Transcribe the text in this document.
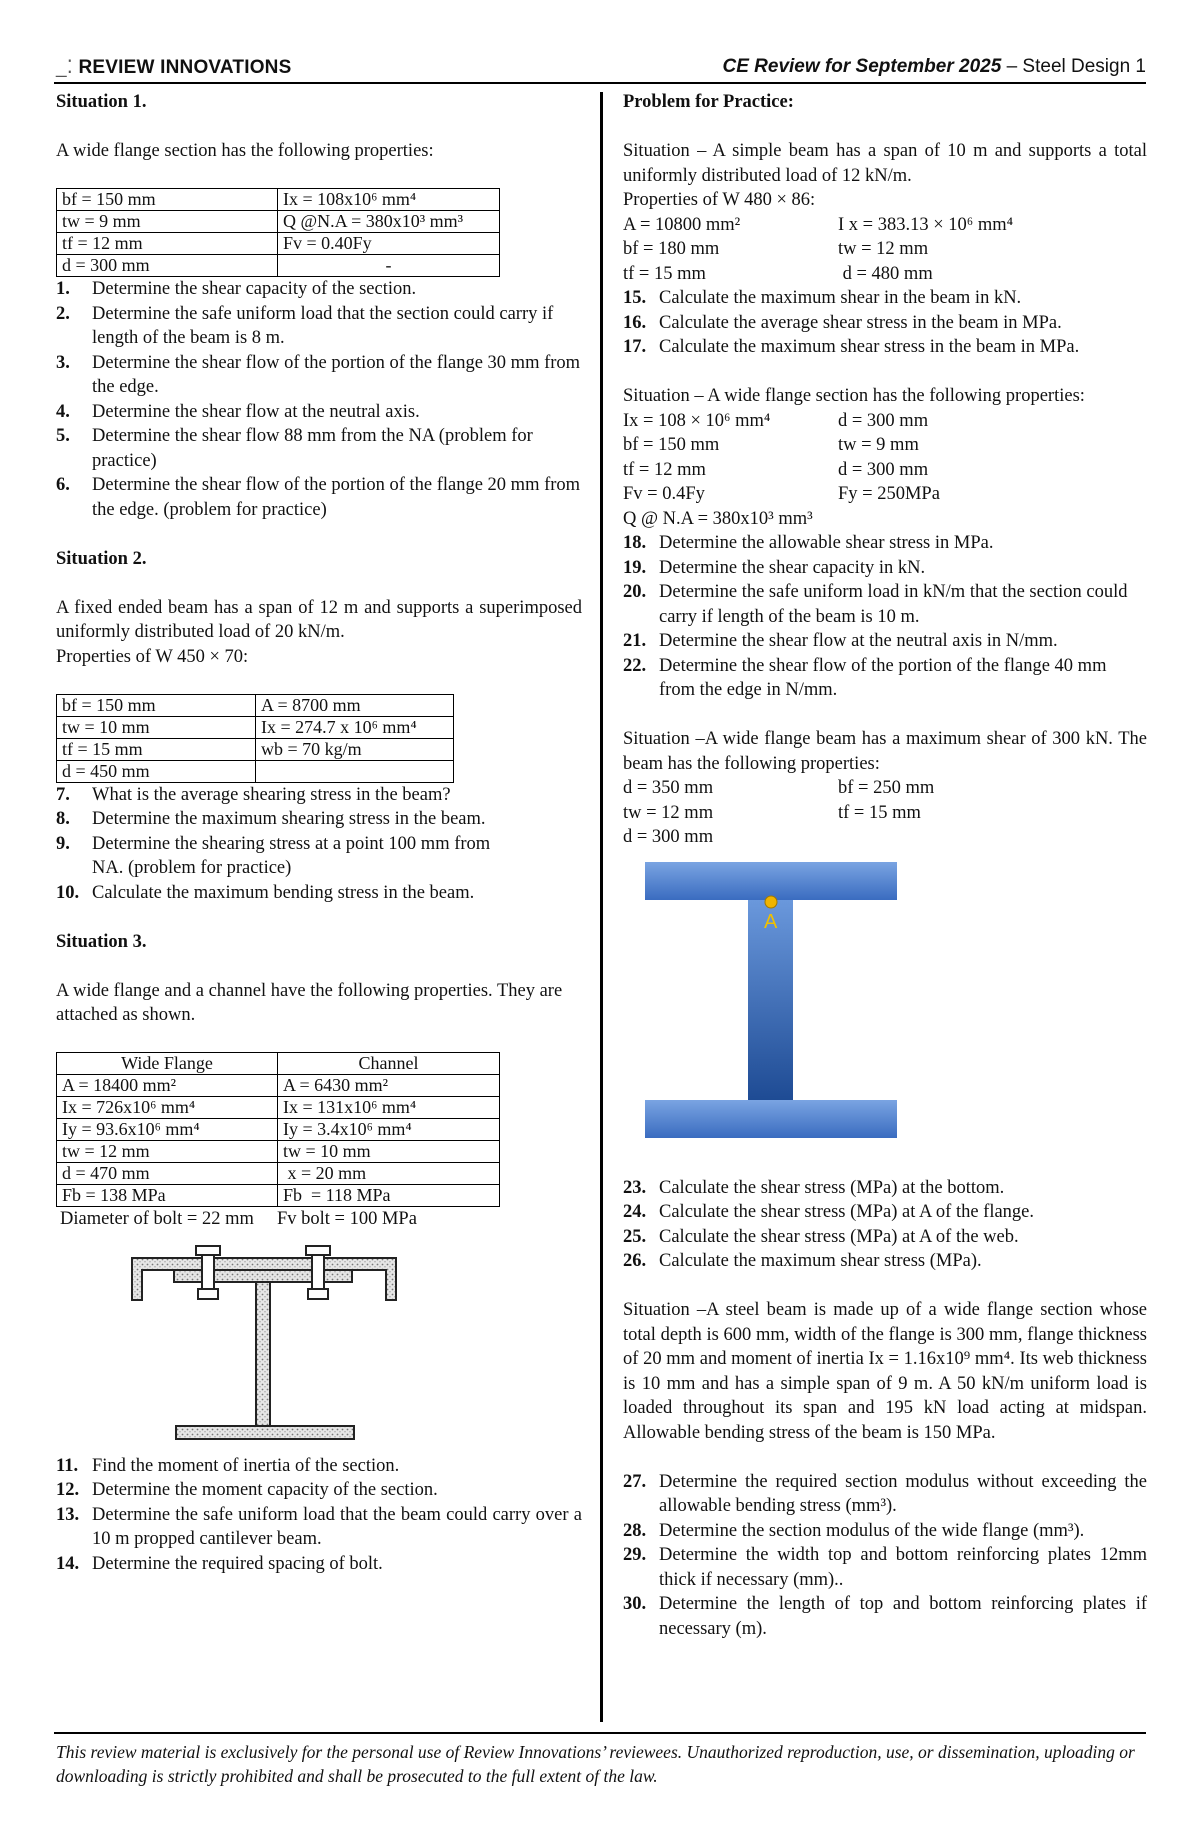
_⁚ REVIEW INNOVATIONS	CE Review for September 2025 – Steel Design 1

Situation 1.

A wide flange section has the following properties:

bf = 150 mm	Ix = 108x10⁶ mm⁴
tw = 9 mm	Q @N.A = 380x10³ mm³
tf = 12 mm	Fv = 0.40Fy
d = 300 mm	-
1. Determine the shear capacity of the section.
2. Determine the safe uniform load that the section could carry if length of the beam is 8 m.
3. Determine the shear flow of the portion of the flange 30 mm from the edge.
4. Determine the shear flow at the neutral axis.
5. Determine the shear flow 88 mm from the NA (problem for practice)
6. Determine the shear flow of the portion of the flange 20 mm from the edge. (problem for practice)

Situation 2.

A fixed ended beam has a span of 12 m and supports a superimposed uniformly distributed load of 20 kN/m.

Properties of W 450 × 70:

bf = 150 mm	A = 8700 mm
tw = 10 mm	Ix = 274.7 x 10⁶ mm⁴
tf = 15 mm	wb = 70 kg/m
d = 450 mm	
7. What is the average shearing stress in the beam?
8. Determine the maximum shearing stress in the beam.
9. Determine the shearing stress at a point 100 mm from NA. (problem for practice)
10. Calculate the maximum bending stress in the beam.

Situation 3.

A wide flange and a channel have the following properties. They are attached as shown.

Wide Flange	Channel
A = 18400 mm²	A = 6430 mm²
Ix = 726x10⁶ mm⁴	Ix = 131x10⁶ mm⁴
Iy = 93.6x10⁶ mm⁴	Iy = 3.4x10⁶ mm⁴
tw = 12 mm	tw = 10 mm
d = 470 mm	x = 20 mm
Fb = 138 MPa	Fb  = 118 MPa

Diameter of bolt = 22 mm Fv bolt = 100 MPa

11. Find the moment of inertia of the section.
12. Determine the moment capacity of the section.
13. Determine the safe uniform load that the beam could carry over a 10 m propped cantilever beam.
14. Determine the required spacing of bolt.

Problem for Practice:

Situation – A simple beam has a span of 10 m and supports a total uniformly distributed load of 12 kN/m.

Properties of W 480 × 86:

A = 10800 mm²	I x = 383.13 × 10⁶ mm⁴
bf = 180 mm	tw = 12 mm
tf = 15 mm	d = 480 mm
15. Calculate the maximum shear in the beam in kN.
16. Calculate the average shear stress in the beam in MPa.
17. Calculate the maximum shear stress in the beam in MPa.

Situation – A wide flange section has the following properties:

Ix = 108 × 10⁶ mm⁴	d = 300 mm
bf = 150 mm	tw = 9 mm
tf = 12 mm	d = 300 mm
Fv = 0.4Fy	Fy = 250MPa

Q @ N.A = 380x10³ mm³

18. Determine the allowable shear stress in MPa.
19. Determine the shear capacity in kN.
20. Determine the safe uniform load in kN/m that the section could carry if length of the beam is 10 m.
21. Determine the shear flow at the neutral axis in N/mm.
22. Determine the shear flow of the portion of the flange 40 mm from the edge in N/mm.

Situation –A wide flange beam has a maximum shear of 300 kN. The beam has the following properties:

d = 350 mm	bf = 250 mm
tw = 12 mm	tf = 15 mm
d = 300 mm
A
23. Calculate the shear stress (MPa) at the bottom.
24. Calculate the shear stress (MPa) at A of the flange.
25. Calculate the shear stress (MPa) at A of the web.
26. Calculate the maximum shear stress (MPa).

Situation –A steel beam is made up of a wide flange section whose total depth is 600 mm, width of the flange is 300 mm, flange thickness of 20 mm and moment of inertia Ix = 1.16x10⁹ mm⁴. Its web thickness is 10 mm and has a simple span of 9 m. A 50 kN/m uniform load is loaded throughout its span and 195 kN load acting at midspan. Allowable bending stress of the beam is 150 MPa.

27. Determine the required section modulus without exceeding the allowable bending stress (mm³).
28. Determine the section modulus of the wide flange (mm³).
29. Determine the width top and bottom reinforcing plates 12mm thick if necessary (mm)..
30. Determine the length of top and bottom reinforcing plates if necessary (m).
This review material is exclusively for the personal use of Review Innovations’ reviewees. Unauthorized reproduction, use, or dissemination, uploading or downloading is strictly prohibited and shall be prosecuted to the full extent of the law.
